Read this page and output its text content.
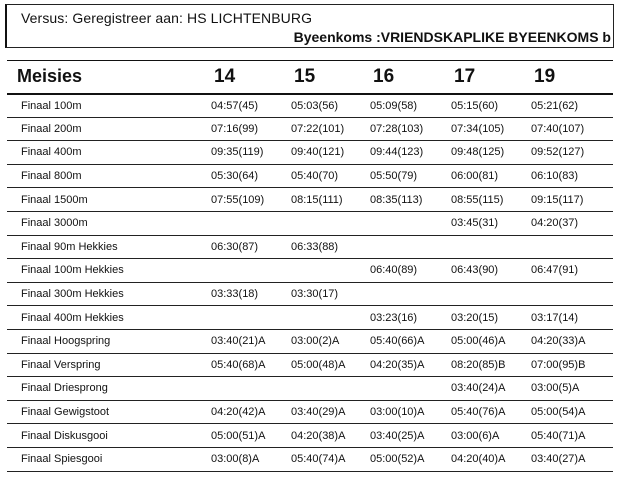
Versus: Geregistreer aan: HS LICHTENBURG
Byeenkoms :VRIENDSKAPLIKE BYEENKOMS b
Meisies	14	15	16	17	19
Finaal 100m	04:57(45)	05:03(56)	05:09(58)	05:15(60)	05:21(62)
Finaal 200m	07:16(99)	07:22(101)	07:28(103)	07:34(105)	07:40(107)
Finaal 400m	09:35(119)	09:40(121)	09:44(123)	09:48(125)	09:52(127)
Finaal 800m	05:30(64)	05:40(70)	05:50(79)	06:00(81)	06:10(83)
Finaal 1500m	07:55(109)	08:15(111)	08:35(113)	08:55(115)	09:15(117)
Finaal 3000m				03:45(31)	04:20(37)
Finaal 90m Hekkies	06:30(87)	06:33(88)			
Finaal 100m Hekkies			06:40(89)	06:43(90)	06:47(91)
Finaal 300m Hekkies	03:33(18)	03:30(17)			
Finaal 400m Hekkies			03:23(16)	03:20(15)	03:17(14)
Finaal Hoogspring	03:40(21)A	03:00(2)A	05:40(66)A	05:00(46)A	04:20(33)A
Finaal Verspring	05:40(68)A	05:00(48)A	04:20(35)A	08:20(85)B	07:00(95)B
Finaal Driesprong				03:40(24)A	03:00(5)A
Finaal Gewigstoot	04:20(42)A	03:40(29)A	03:00(10)A	05:40(76)A	05:00(54)A
Finaal Diskusgooi	05:00(51)A	04:20(38)A	03:40(25)A	03:00(6)A	05:40(71)A
Finaal Spiesgooi	03:00(8)A	05:40(74)A	05:00(52)A	04:20(40)A	03:40(27)A
